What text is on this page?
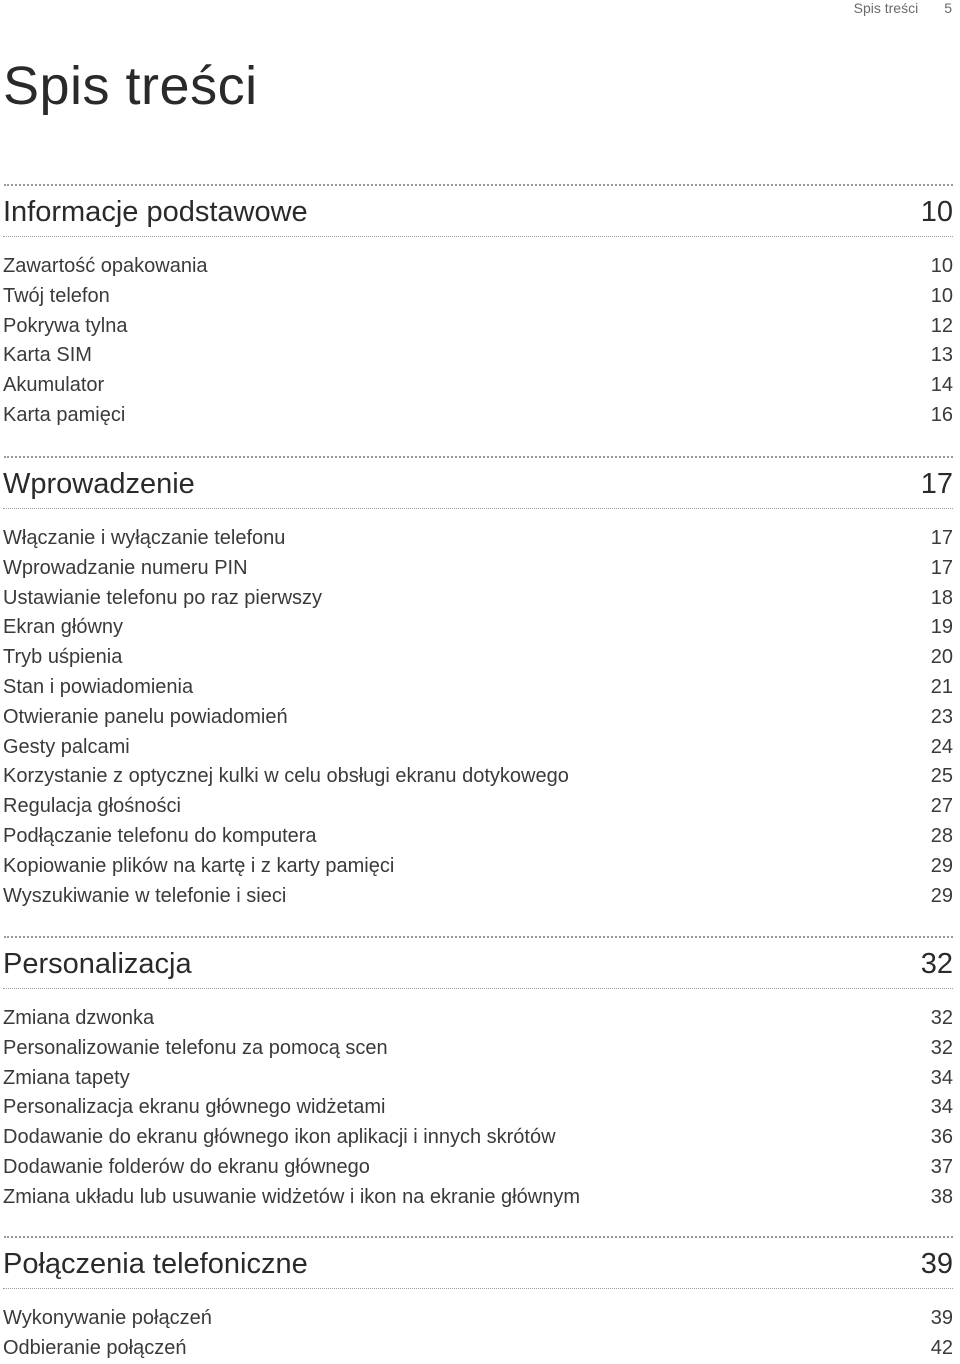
Spis treści 5
Spis treści
Informacje podstawowe	10
Zawartość opakowania	10
Twój telefon	10
Pokrywa tylna	12
Karta SIM	13
Akumulator	14
Karta pamięci	16
Wprowadzenie	17
Włączanie i wyłączanie telefonu	17
Wprowadzanie numeru PIN	17
Ustawianie telefonu po raz pierwszy	18
Ekran główny	19
Tryb uśpienia	20
Stan i powiadomienia	21
Otwieranie panelu powiadomień	23
Gesty palcami	24
Korzystanie z optycznej kulki w celu obsługi ekranu dotykowego	25
Regulacja głośności	27
Podłączanie telefonu do komputera	28
Kopiowanie plików na kartę i z karty pamięci	29
Wyszukiwanie w telefonie i sieci	29
Personalizacja	32
Zmiana dzwonka	32
Personalizowanie telefonu za pomocą scen	32
Zmiana tapety	34
Personalizacja ekranu głównego widżetami	34
Dodawanie do ekranu głównego ikon aplikacji i innych skrótów	36
Dodawanie folderów do ekranu głównego	37
Zmiana układu lub usuwanie widżetów i ikon na ekranie głównym	38
Połączenia telefoniczne	39
Wykonywanie połączeń	39
Odbieranie połączeń	42
